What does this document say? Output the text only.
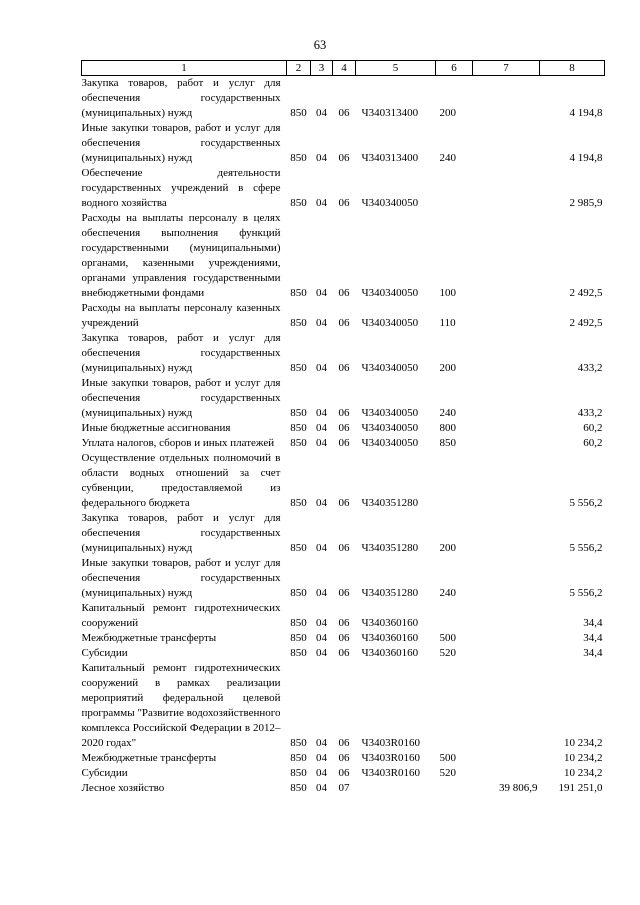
63
1	2	3	4	5	6	7	8
Закупка товаров, работ и услуг для обеспечения государственных (муниципальных) нужд	850	04	06	Ч340313400	200		4 194,8
Иные закупки товаров, работ и услуг для обеспечения государственных (муниципальных) нужд	850	04	06	Ч340313400	240		4 194,8
Обеспечение деятельности государственных учреждений в сфере водного хозяйства	850	04	06	Ч340340050			2 985,9
Расходы на выплаты персоналу в целях обеспечения выполнения функций государственными (муниципальными) органами, казенными учреждениями, органами управления государственными внебюджетными фондами	850	04	06	Ч340340050	100		2 492,5
Расходы на выплаты персоналу казенных учреждений	850	04	06	Ч340340050	110		2 492,5
Закупка товаров, работ и услуг для обеспечения государственных (муниципальных) нужд	850	04	06	Ч340340050	200		433,2
Иные закупки товаров, работ и услуг для обеспечения государственных (муниципальных) нужд	850	04	06	Ч340340050	240		433,2
Иные бюджетные ассигнования	850	04	06	Ч340340050	800		60,2
Уплата налогов, сборов и иных платежей	850	04	06	Ч340340050	850		60,2
Осуществление отдельных полномочий в области водных отношений за счет субвенции, предоставляемой из федерального бюджета	850	04	06	Ч340351280			5 556,2
Закупка товаров, работ и услуг для обеспечения государственных (муниципальных) нужд	850	04	06	Ч340351280	200		5 556,2
Иные закупки товаров, работ и услуг для обеспечения государственных (муниципальных) нужд	850	04	06	Ч340351280	240		5 556,2
Капитальный ремонт гидротехнических сооружений	850	04	06	Ч340360160			34,4
Межбюджетные трансферты	850	04	06	Ч340360160	500		34,4
Субсидии	850	04	06	Ч340360160	520		34,4
Капитальный ремонт гидротехнических сооружений в рамках реализации мероприятий федеральной целевой программы "Развитие водохозяйственного комплекса Российской Федерации в 2012–2020 годах"	850	04	06	Ч3403R0160			10 234,2
Межбюджетные трансферты	850	04	06	Ч3403R0160	500		10 234,2
Субсидии	850	04	06	Ч3403R0160	520		10 234,2
Лесное хозяйство	850	04	07			39 806,9	191 251,0
